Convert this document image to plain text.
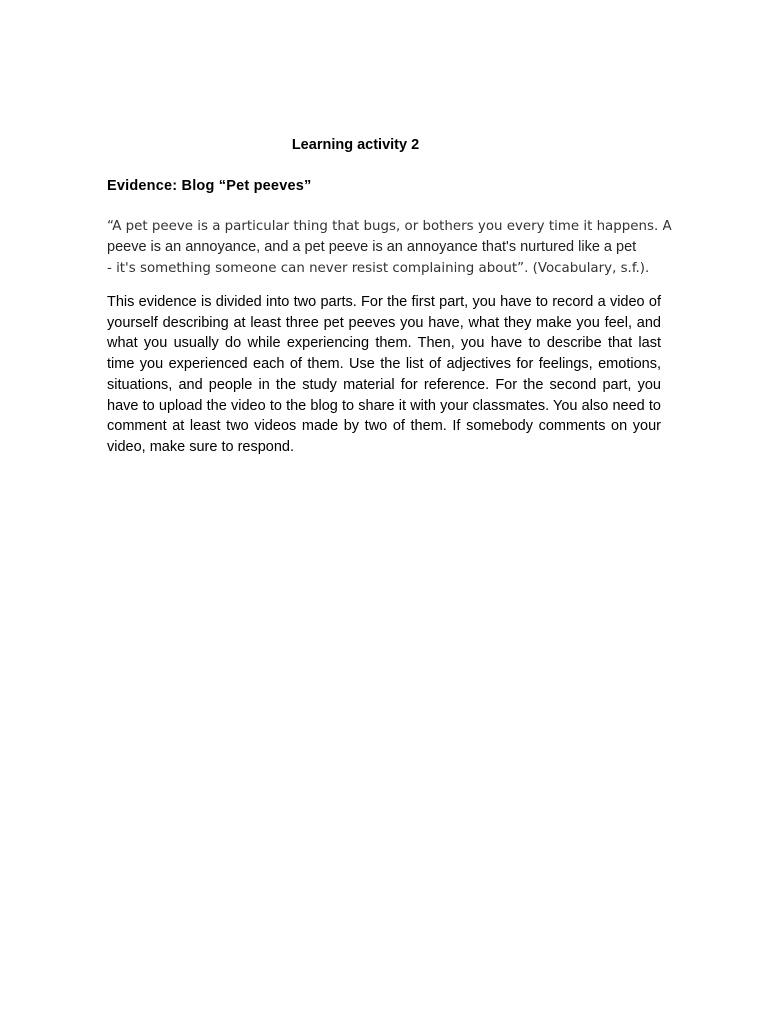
Learning activity 2
Evidence: Blog “Pet peeves”
“A pet peeve is a particular thing that bugs, or bothers you every time it happens. A
peeve is an annoyance, and a pet peeve is an annoyance that's nurtured like a pet
- it's something someone can never resist complaining about”. (Vocabulary, s.f.).
This evidence is divided into two parts. For the first part, you have to record a video of yourself describing at least three pet peeves you have, what they make you feel, and what you usually do while experiencing them. Then, you have to describe that last time you experienced each of them. Use the list of adjectives for feelings, emotions, situations, and people in the study material for reference. For the second part, you have to upload the video to the blog to share it with your classmates. You also need to comment at least two videos made by two of them. If somebody comments on your video, make sure to respond.
